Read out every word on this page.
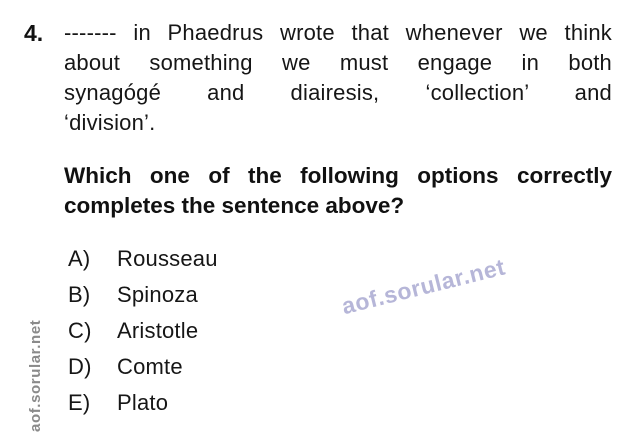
aof.sorular.net
aof.sorular.net
4. ------- in Phaedrus wrote that whenever we think
about something we must engage in both
synagógé and diairesis, ‘collection’ and
‘division’.
Which one of the following options correctly
completes the sentence above?
A)	Rousseau
B)	Spinoza
C)	Aristotle
D)	Comte
E)	Plato
